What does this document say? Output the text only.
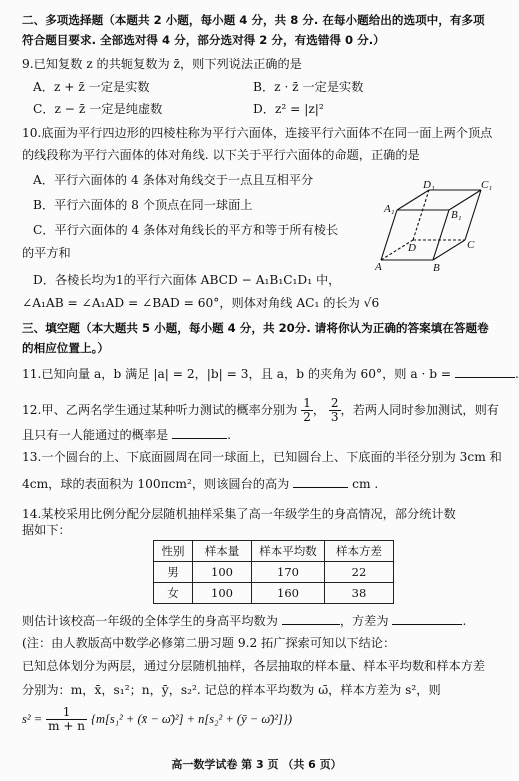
二、多项选择题（本题共 2 小题，每小题 4 分，共 8 分. 在每小题给出的选项中，有多项
符合题目要求. 全部选对得 4 分，部分选对得 2 分，有选错得 0 分.）
9.已知复数 z 的共轭复数为 z̄，则下列说法正确的是
A．z + z̄ 一定是实数	B．z · z̄ 一定是实数
C．z − z̄ 一定是纯虚数	D．z² = |z|²
10.底面为平行四边形的四棱柱称为平行六面体，连接平行六面体不在同一面上两个顶点
的线段称为平行六面体的体对角线. 以下关于平行六面体的命题，正确的是
A．平行六面体的 4 条体对角线交于一点且互相平分
B．平行六面体的 8 个顶点在同一球面上
C．平行六面体的 4 条体对角线长的平方和等于所有棱长
的平方和
D．各棱长均为1的平行六面体 ABCD − A₁B₁C₁D₁ 中，
∠A₁AB = ∠A₁AD = ∠BAD = 60°，则体对角线 AC₁ 的长为 √6
D₁	C₁
A₁	B₁
D	C
A	B
三、填空题（本大题共 5 小题，每小题 4 分，共 20分. 请将你认为正确的答案填在答题卷
的相应位置上。）
11.已知向量 a，b 满足 |a| = 2，|b| = 3，且 a，b 的夹角为 60°，则 a · b =	.
12.甲、乙两名学生通过某种听力测试的概率分别为 $\frac{1}{2}$ ， $\frac{2}{3}$ ，若两人同时参加测试，则有
且只有一人能通过的概率是	.
13.一个圆台的上、下底面圆周在同一球面上，已知圆台上、下底面的半径分别为 3cm 和
4cm，球的表面积为 100πcm²，则该圆台的高为	cm .
14.某校采用比例分配分层随机抽样采集了高一年级学生的身高情况，部分统计数
据如下：
性别	样本量	样本平均数	样本方差
男	100	170	22
女	100	160	38
则估计该校高一年级的全体学生的身高平均数为	，方差为	.
(注：由人教版高中数学必修第二册习题 9.2 拓广探索可知以下结论：
已知总体划分为两层，通过分层随机抽样，各层抽取的样本量、样本平均数和样本方差
分别为：m，x̄，s₁²；n，ȳ，s₂². 记总的样本平均数为 ω̄，样本方差为 s²，则
$s^2 = \frac{1}{m + n} \{m[s_1^2$ + (x̄ − ω̄)²] + n[s₂² + (ȳ − ω̄)²]})
高一数学试卷 第 3 页 （共 6 页）
